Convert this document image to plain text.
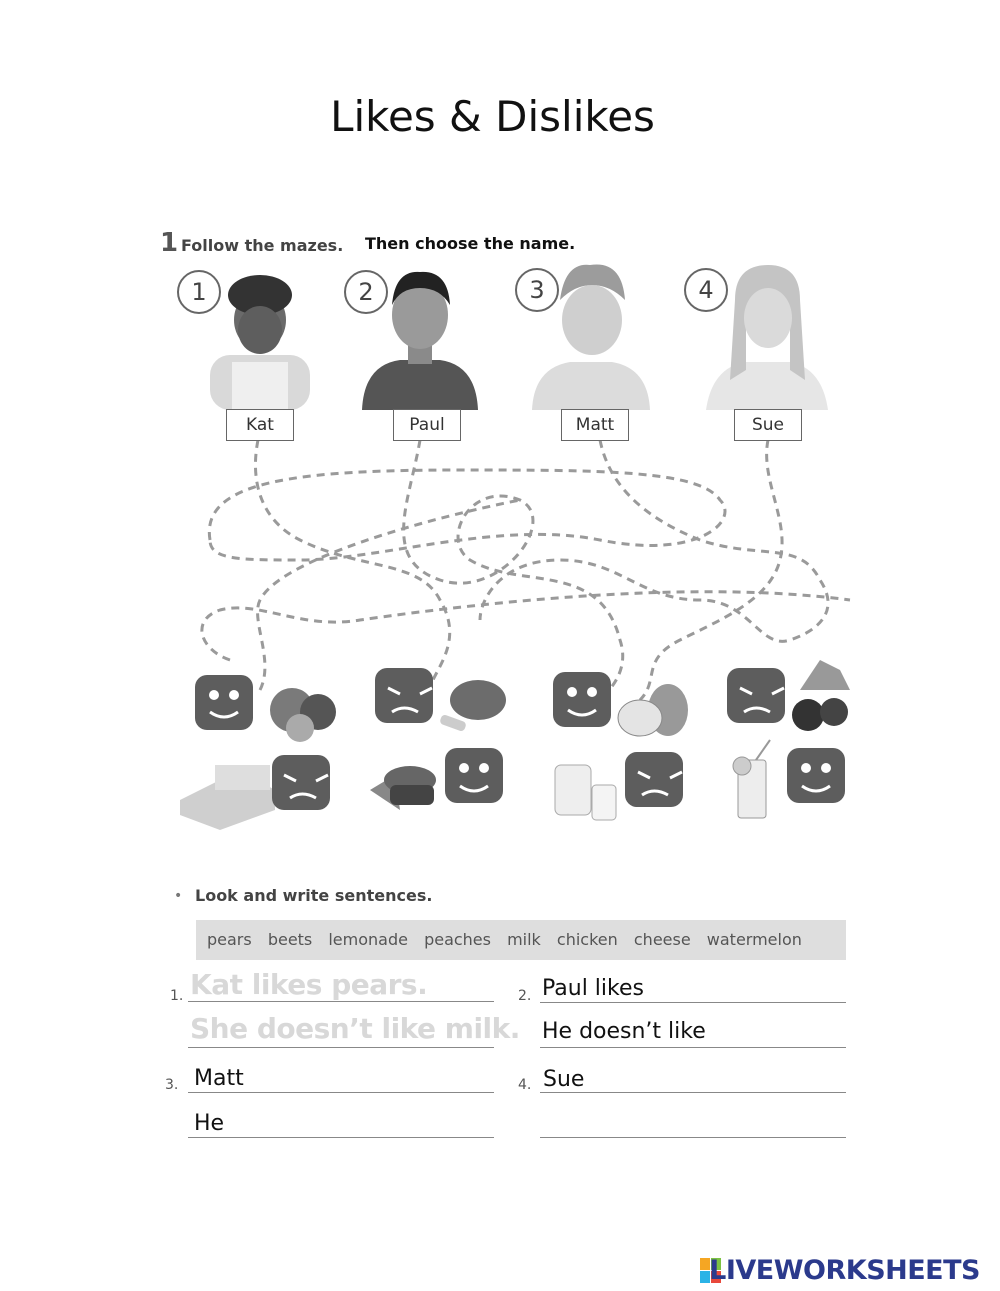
Likes & Dislikes
1 Follow the mazes. Then choose the name.
1	2	3	4
Kat	Paul	Matt	Sue
• Look and write sentences.
pears beets lemonade peaches milk chicken cheese watermelon
1. Kat likes pears.
She doesn’t like milk.
2. Paul likes
He doesn’t like
3. Matt
He
4. Sue
LIVEWORKSHEETS
